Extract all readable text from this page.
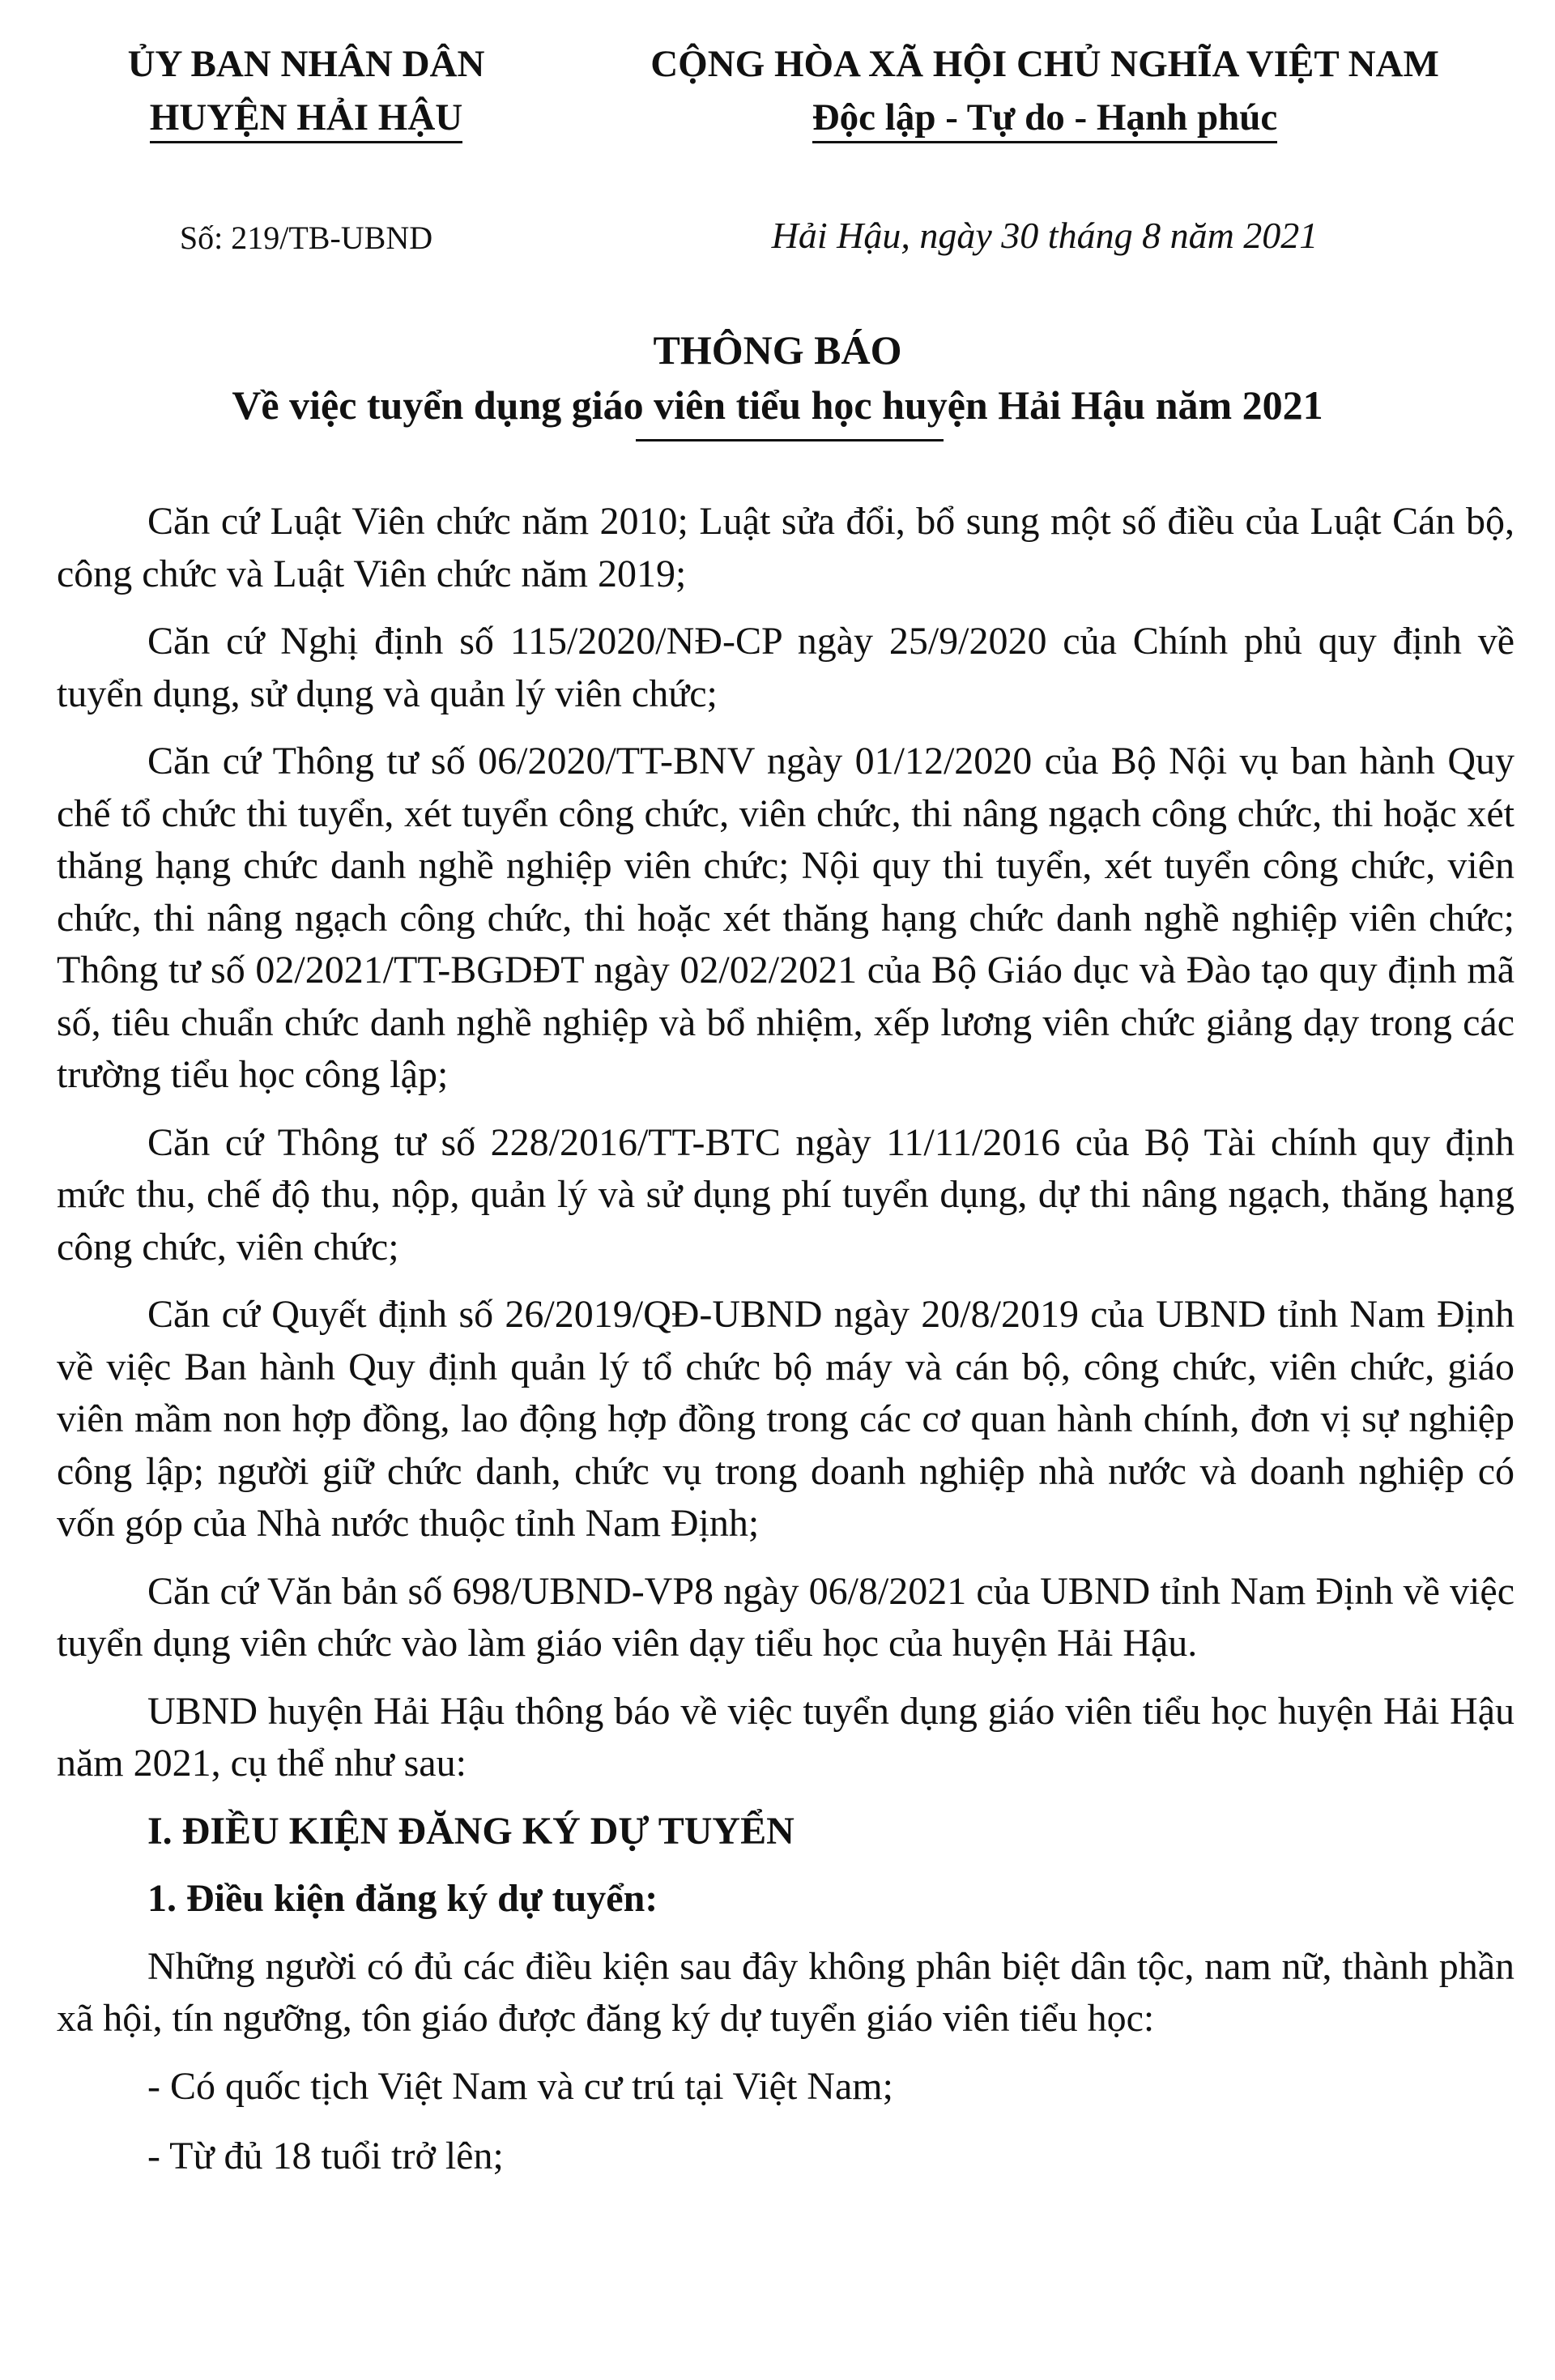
ỦY BAN NHÂN DÂN
HUYỆN HẢI HẬU
CỘNG HÒA XÃ HỘI CHỦ NGHĨA VIỆT NAM
Độc lập - Tự do - Hạnh phúc
Số: 219/TB-UBND	Hải Hậu, ngày 30 tháng 8 năm 2021
THÔNG BÁO
Về việc tuyển dụng giáo viên tiểu học huyện Hải Hậu năm 2021

Căn cứ Luật Viên chức năm 2010; Luật sửa đổi, bổ sung một số điều của Luật Cán bộ, công chức và Luật Viên chức năm 2019;

Căn cứ Nghị định số 115/2020/NĐ-CP ngày 25/9/2020 của Chính phủ quy định về tuyển dụng, sử dụng và quản lý viên chức;

Căn cứ Thông tư số 06/2020/TT-BNV ngày 01/12/2020 của Bộ Nội vụ ban hành Quy chế tổ chức thi tuyển, xét tuyển công chức, viên chức, thi nâng ngạch công chức, thi hoặc xét thăng hạng chức danh nghề nghiệp viên chức; Nội quy thi tuyển, xét tuyển công chức, viên chức, thi nâng ngạch công chức, thi hoặc xét thăng hạng chức danh nghề nghiệp viên chức; Thông tư số 02/2021/TT-BGDĐT ngày 02/02/2021 của Bộ Giáo dục và Đào tạo quy định mã số, tiêu chuẩn chức danh nghề nghiệp và bổ nhiệm, xếp lương viên chức giảng dạy trong các trường tiểu học công lập;

Căn cứ Thông tư số 228/2016/TT-BTC ngày 11/11/2016 của Bộ Tài chính quy định mức thu, chế độ thu, nộp, quản lý và sử dụng phí tuyển dụng, dự thi nâng ngạch, thăng hạng công chức, viên chức;

Căn cứ Quyết định số 26/2019/QĐ-UBND ngày 20/8/2019 của UBND tỉnh Nam Định về việc Ban hành Quy định quản lý tổ chức bộ máy và cán bộ, công chức, viên chức, giáo viên mầm non hợp đồng, lao động hợp đồng trong các cơ quan hành chính, đơn vị sự nghiệp công lập; người giữ chức danh, chức vụ trong doanh nghiệp nhà nước và doanh nghiệp có vốn góp của Nhà nước thuộc tỉnh Nam Định;

Căn cứ Văn bản số 698/UBND-VP8 ngày 06/8/2021 của UBND tỉnh Nam Định về việc tuyển dụng viên chức vào làm giáo viên dạy tiểu học của huyện Hải Hậu.

UBND huyện Hải Hậu thông báo về việc tuyển dụng giáo viên tiểu học huyện Hải Hậu năm 2021, cụ thể như sau:

I. ĐIỀU KIỆN ĐĂNG KÝ DỰ TUYỂN

1. Điều kiện đăng ký dự tuyển:

Những người có đủ các điều kiện sau đây không phân biệt dân tộc, nam nữ, thành phần xã hội, tín ngưỡng, tôn giáo được đăng ký dự tuyển giáo viên tiểu học:

- Có quốc tịch Việt Nam và cư trú tại Việt Nam;

- Từ đủ 18 tuổi trở lên;
